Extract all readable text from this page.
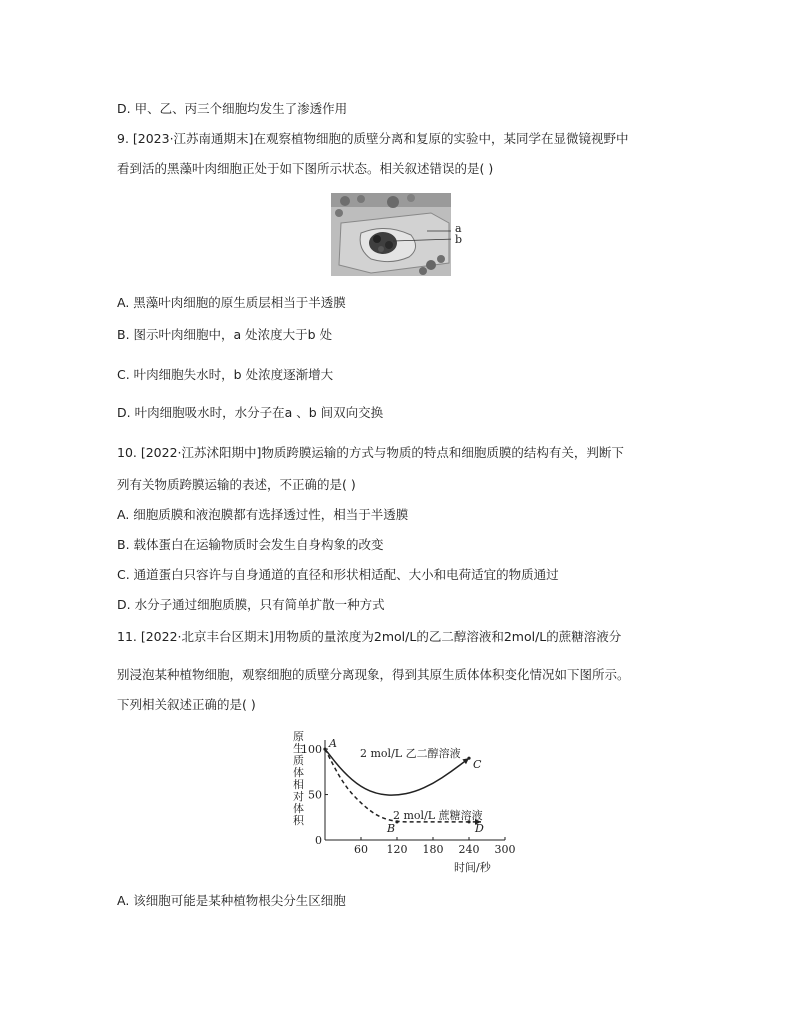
D. 甲、乙、丙三个细胞均发生了渗透作用
9. [2023·江苏南通期末]在观察植物细胞的质壁分离和复原的实验中，某同学在显微镜视野中
看到活的黑藻叶肉细胞正处于如下图所示状态。相关叙述错误的是( )
A. 黑藻叶肉细胞的原生质层相当于半透膜
B. 图示叶肉细胞中，a 处浓度大于b 处
C. 叶肉细胞失水时，b 处浓度逐渐增大
D. 叶肉细胞吸水时，水分子在a 、b 间双向交换
10. [2022·江苏沭阳期中]物质跨膜运输的方式与物质的特点和细胞质膜的结构有关，判断下
列有关物质跨膜运输的表述，不正确的是( )
A. 细胞质膜和液泡膜都有选择透过性，相当于半透膜
B. 载体蛋白在运输物质时会发生自身构象的改变
C. 通道蛋白只容许与自身通道的直径和形状相适配、大小和电荷适宜的物质通过
D. 水分子通过细胞质膜，只有简单扩散一种方式
11. [2022·北京丰台区期末]用物质的量浓度为2mol/L的乙二醇溶液和2mol/L的蔗糖溶液分
别浸泡某种植物细胞，观察细胞的质壁分离现象，得到其原生质体体积变化情况如下图所示。
下列相关叙述正确的是( )
A. 该细胞可能是某种植物根尖分生区细胞
a
b
原
生
质
体
相
对
体
积
60 120 180 240 300
100
50
0
A
B
C
D
2 mol/L 乙二醇溶液
2 mol/L 蔗糖溶液
时间/秒
